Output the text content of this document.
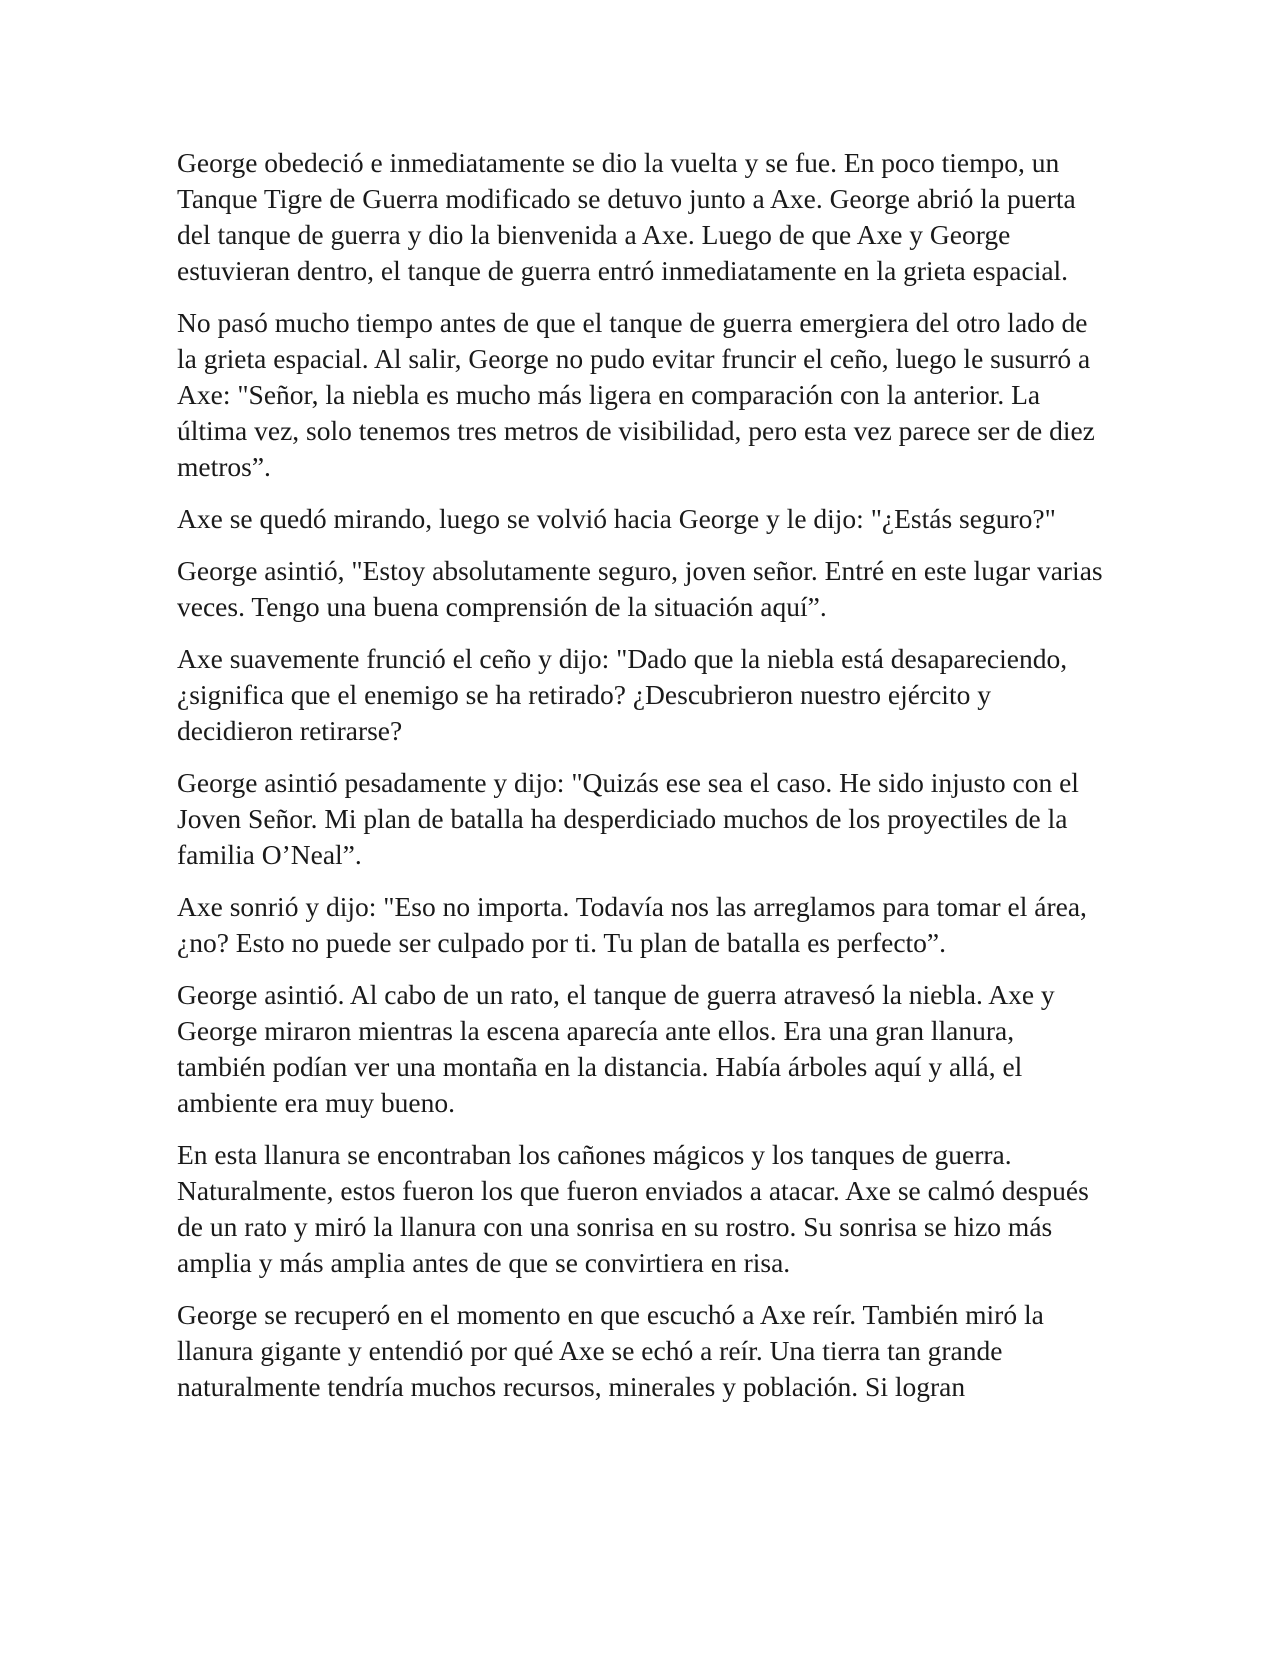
George obedeció e inmediatamente se dio la vuelta y se fue. En poco tiempo, un Tanque Tigre de Guerra modificado se detuvo junto a Axe. George abrió la puerta del tanque de guerra y dio la bienvenida a Axe. Luego de que Axe y George estuvieran dentro, el tanque de guerra entró inmediatamente en la grieta espacial.

No pasó mucho tiempo antes de que el tanque de guerra emergiera del otro lado de la grieta espacial. Al salir, George no pudo evitar fruncir el ceño, luego le susurró a Axe: "Señor, la niebla es mucho más ligera en comparación con la anterior. La última vez, solo tenemos tres metros de visibilidad, pero esta vez parece ser de diez metros”.

Axe se quedó mirando, luego se volvió hacia George y le dijo: "¿Estás seguro?"

George asintió, "Estoy absolutamente seguro, joven señor. Entré en este lugar varias veces. Tengo una buena comprensión de la situación aquí”.

Axe suavemente frunció el ceño y dijo: "Dado que la niebla está desapareciendo, ¿significa que el enemigo se ha retirado? ¿Descubrieron nuestro ejército y decidieron retirarse?

George asintió pesadamente y dijo: "Quizás ese sea el caso. He sido injusto con el Joven Señor. Mi plan de batalla ha desperdiciado muchos de los proyectiles de la familia O’Neal”.

Axe sonrió y dijo: "Eso no importa. Todavía nos las arreglamos para tomar el área, ¿no? Esto no puede ser culpado por ti. Tu plan de batalla es perfecto”.

George asintió. Al cabo de un rato, el tanque de guerra atravesó la niebla. Axe y George miraron mientras la escena aparecía ante ellos. Era una gran llanura, también podían ver una montaña en la distancia. Había árboles aquí y allá, el ambiente era muy bueno.

En esta llanura se encontraban los cañones mágicos y los tanques de guerra. Naturalmente, estos fueron los que fueron enviados a atacar. Axe se calmó después de un rato y miró la llanura con una sonrisa en su rostro. Su sonrisa se hizo más amplia y más amplia antes de que se convirtiera en risa.

George se recuperó en el momento en que escuchó a Axe reír. También miró la llanura gigante y entendió por qué Axe se echó a reír. Una tierra tan grande naturalmente tendría muchos recursos, minerales y población. Si logran
